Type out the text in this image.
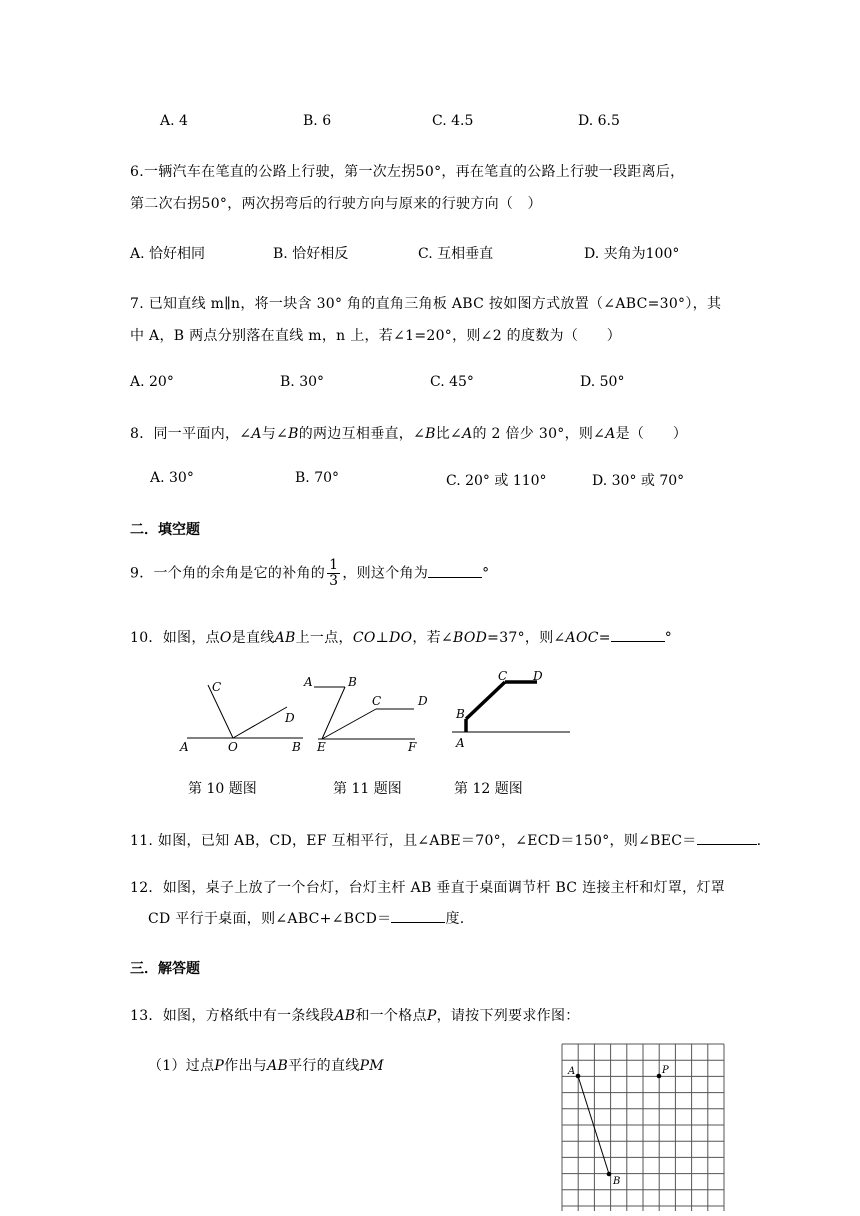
A. 4	B. 6	C. 4.5	D. 6.5
6.一辆汽车在笔直的公路上行驶，第一次左拐50°，再在笔直的公路上行驶一段距离后，
第二次右拐50°，两次拐弯后的行驶方向与原来的行驶方向（　）
A. 恰好相同	B. 恰好相反	C. 互相垂直	D. 夹角为100°
7. 已知直线 m∥n，将一块含 30° 角的直角三角板 ABC 按如图方式放置（∠ABC=30°），其
中 A，B 两点分别落在直线 m，n 上，若∠1=20°，则∠2 的度数为（　　）
A. 20°	B. 30°	C. 45°	D. 50°
8．同一平面内，∠A与∠B的两边互相垂直，∠B比∠A的 2 倍少 30°，则∠A是（　　）
A. 30°	B. 70°	C. 20° 或 110°	D. 30° 或 70°
二．填空题
9．一个角的余角是它的补角的 $\frac{1}{3}$ ，则这个角为	°
10．如图，点O是直线AB上一点，CO⊥DO，若∠BOD=37°，则∠AOC=	°
A	O	B
C
D
A	B
C	D
E	F	A
B
C D
第 10 题图	第 11 题图	第 12 题图
11. 如图，已知 AB，CD，EF 互相平行，且∠ABE＝70°，∠ECD＝150°，则∠BEC＝	.
12．如图，桌子上放了一个台灯，台灯主杆 AB 垂直于桌面调节杆 BC 连接主杆和灯罩，灯罩
CD 平行于桌面，则∠ABC+∠BCD＝	度.
三．解答题
13．如图，方格纸中有一条线段AB和一个格点P，请按下列要求作图：
（1）过点P作出与AB平行的直线PM	A
B
P
